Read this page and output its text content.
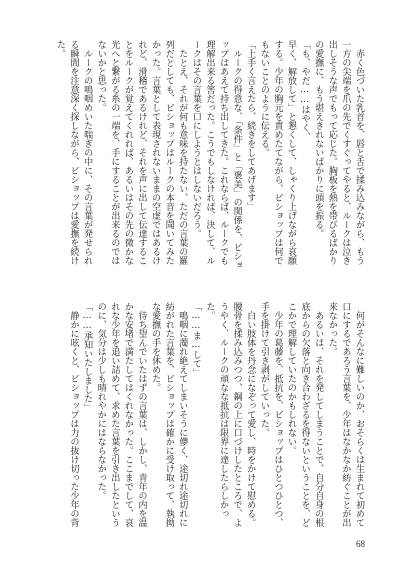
　赤く色づいた乳首を、唇と舌で揉み込みながら、もう一方の尖端を爪の先でくすぐってやると、ルークは泣き出しそうな声でもって応じた。胸板を熱を帯びるばかりの愛撫に、もう堪えきれないばかりに頭を振る。

「も、やだ……はやく、

早く、解放して」と懇くして、しゃくり上げながら哀願する。少年の胸元を責めたてながら、ビショップは何でもないことのように伝える。

「上手く言えたら、続きをしてあげます」

　ルークの得意な、「条件」と「褒美」の関係を、ビショップはあえて持ち出してきた。これならば、ルークでも理解出来る筈だった。こうでもしなければ、決して、ルークはその言葉を口にしようとはしないだろう。

　たとえ、それが何も意味を持たない、ただの言葉の羅列だとしても、ビショップはルークの本音を聞いてみたかった。言葉として表現されないままの空虚ではあるけれど、滑稽であるけれど、それを声に出して伝達することをルークが覚えてくれれば、あるいはその先の微かな光へと繋がる糸の一端を、手にすることが出来るのではないかと思った。

　ルークの鳴咽めいた喘ぎの中に、その言葉が発せられる瞬間を注意深く探しながら、ビショップは愛撫を続けた。

　何がそんなに難しいのか、おそらくは生まれて初めて口にするであろう言葉を、少年はなかなか紡ぐことが出来なかった。

　あるいは、それを発してしまうことで、自分自身の根底からの欠落と向き合わざるを得ないということを、どこかで理解していたのかもしれない。

　少年の葛藤を、抵抗を、ビショップはひとつひとつ、手を掛けて引き剥がしていった。

　白い肢体を丹念になぞって愛し、時をかけて慰める。腰骨を揉み込みつつ、鋼の上に口づけしたところで、ようやく、ルークの頑なな抵抗は限界に達したらしかった。

「……ま…して」

　鳴咽に濁れ絶えてしまいそうに儚く、途切れ途切れに紡がれた言葉を、ビショップは確かに受け取って、執拗な愛撫の手を休めた。

　待ち望んでいたはずの言葉は、しかし、青年の内を温かな安堵で満たしてはくれなかった。ここまでして、哀れな少年を追い詰めて、求めた言葉を引き出したというのに、気分は少しも晴れやかにはならなかった。

「……承知いたしました」

　静かに呟くと、ビショップは力の抜け切った少年の背

68
